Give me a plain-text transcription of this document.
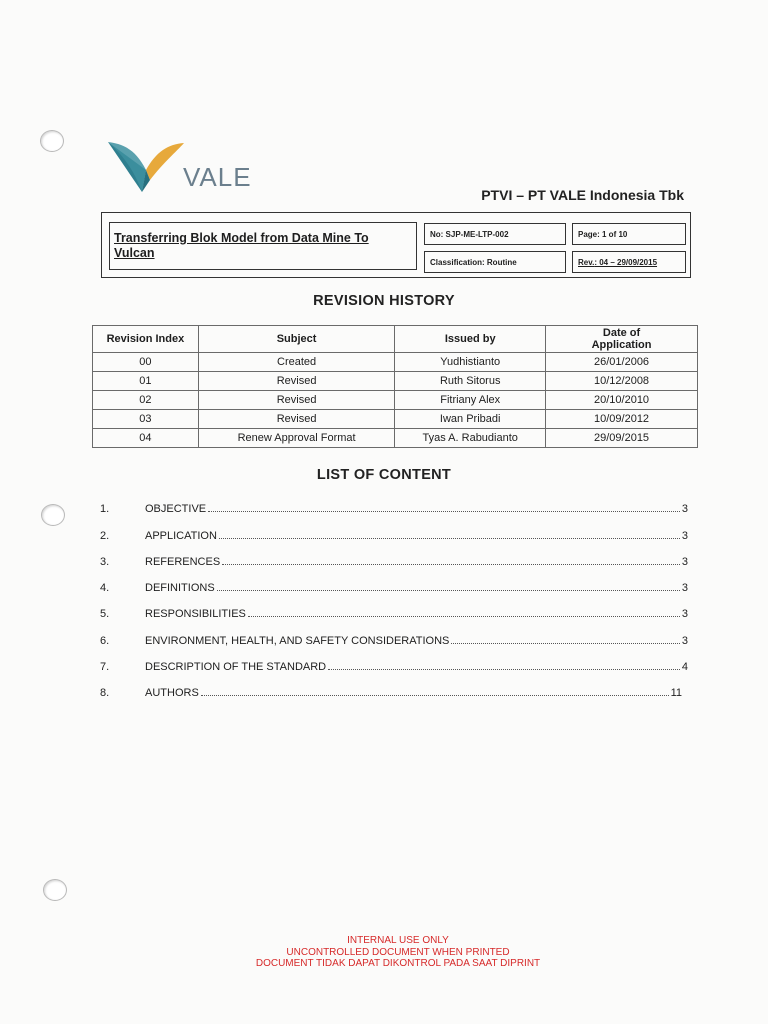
VALE
PTVI – PT VALE Indonesia Tbk
Transferring Blok Model from Data Mine To Vulcan
No: SJP-ME-LTP-002	Page: 1 of 10
Classification: Routine	Rev.: 04 – 29/09/2015
REVISION HISTORY
Revision Index	Subject	Issued by	Date of Application
00	Created	Yudhistianto	26/01/2006
01	Revised	Ruth Sitorus	10/12/2008
02	Revised	Fitriany Alex	20/10/2010
03	Revised	Iwan Pribadi	10/09/2012
04	Renew Approval Format	Tyas A. Rabudianto	29/09/2015
LIST OF CONTENT
1.	OBJECTIVE	3
2.	APPLICATION	3
3.	REFERENCES	3
4.	DEFINITIONS	3
5.	RESPONSIBILITIES	3
6.	ENVIRONMENT, HEALTH, AND SAFETY CONSIDERATIONS	3
7.	DESCRIPTION OF THE STANDARD	4
8.	AUTHORS	11
INTERNAL USE ONLY
UNCONTROLLED DOCUMENT WHEN PRINTED
DOCUMENT TIDAK DAPAT DIKONTROL PADA SAAT DIPRINT
